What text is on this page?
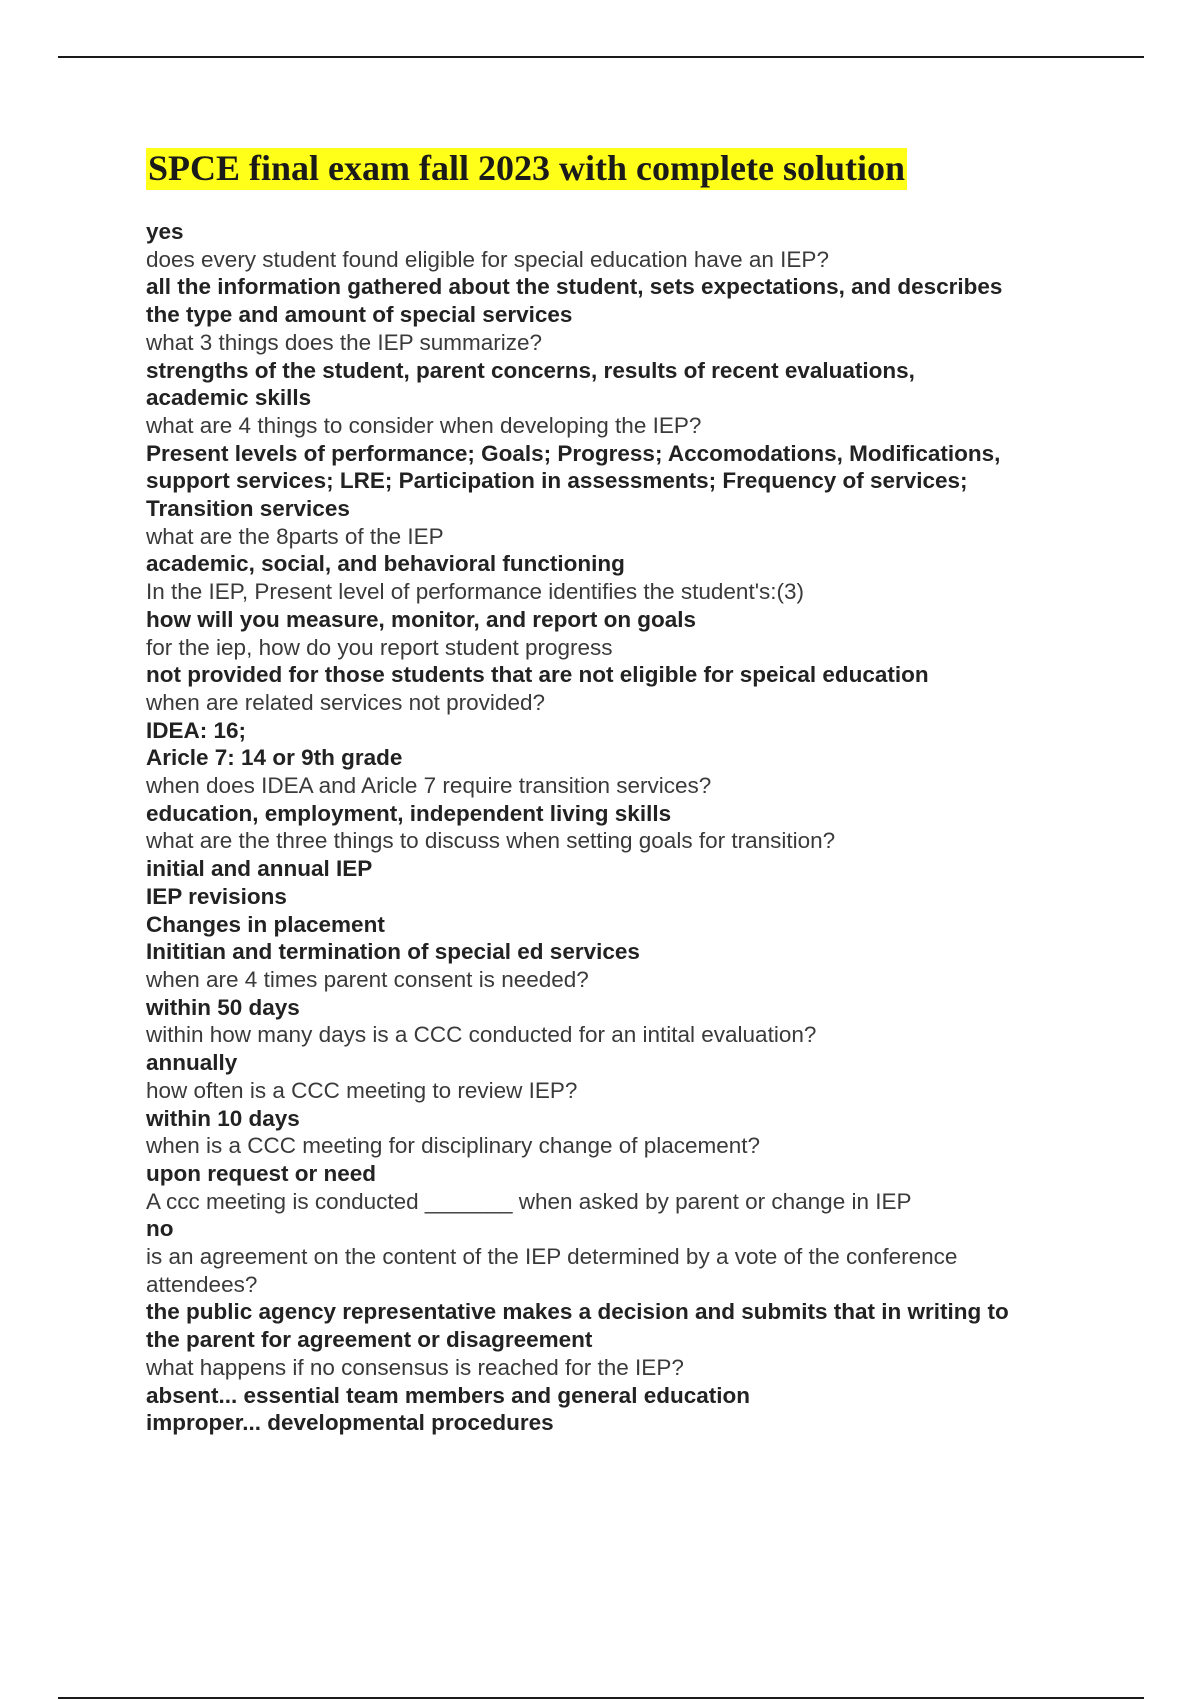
SPCE final exam fall 2023 with complete solution
yes
does every student found eligible for special education have an IEP?
all the information gathered about the student, sets expectations, and describes
the type and amount of special services
what 3 things does the IEP summarize?
strengths of the student, parent concerns, results of recent evaluations,
academic skills
what are 4 things to consider when developing the IEP?
Present levels of performance; Goals; Progress; Accomodations, Modifications,
support services; LRE; Participation in assessments; Frequency of services;
Transition services
what are the 8parts of the IEP
academic, social, and behavioral functioning
In the IEP, Present level of performance identifies the student's:(3)
how will you measure, monitor, and report on goals
for the iep, how do you report student progress
not provided for those students that are not eligible for speical education
when are related services not provided?
IDEA: 16;
Aricle 7: 14 or 9th grade
when does IDEA and Aricle 7 require transition services?
education, employment, independent living skills
what are the three things to discuss when setting goals for transition?
initial and annual IEP
IEP revisions
Changes in placement
Inititian and termination of special ed services
when are 4 times parent consent is needed?
within 50 days
within how many days is a CCC conducted for an intital evaluation?
annually
how often is a CCC meeting to review IEP?
within 10 days
when is a CCC meeting for disciplinary change of placement?
upon request or need
A ccc meeting is conducted _______ when asked by parent or change in IEP
no
is an agreement on the content of the IEP determined by a vote of the conference
attendees?
the public agency representative makes a decision and submits that in writing to
the parent for agreement or disagreement
what happens if no consensus is reached for the IEP?
absent... essential team members and general education
improper... developmental procedures
